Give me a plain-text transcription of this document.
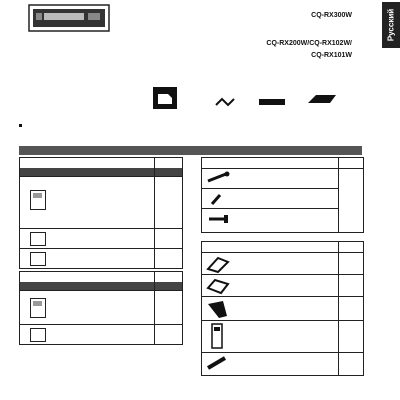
CQ-RX300W
CQ-RX200W/CQ-RX102W/
CQ-RX101W
Русский
